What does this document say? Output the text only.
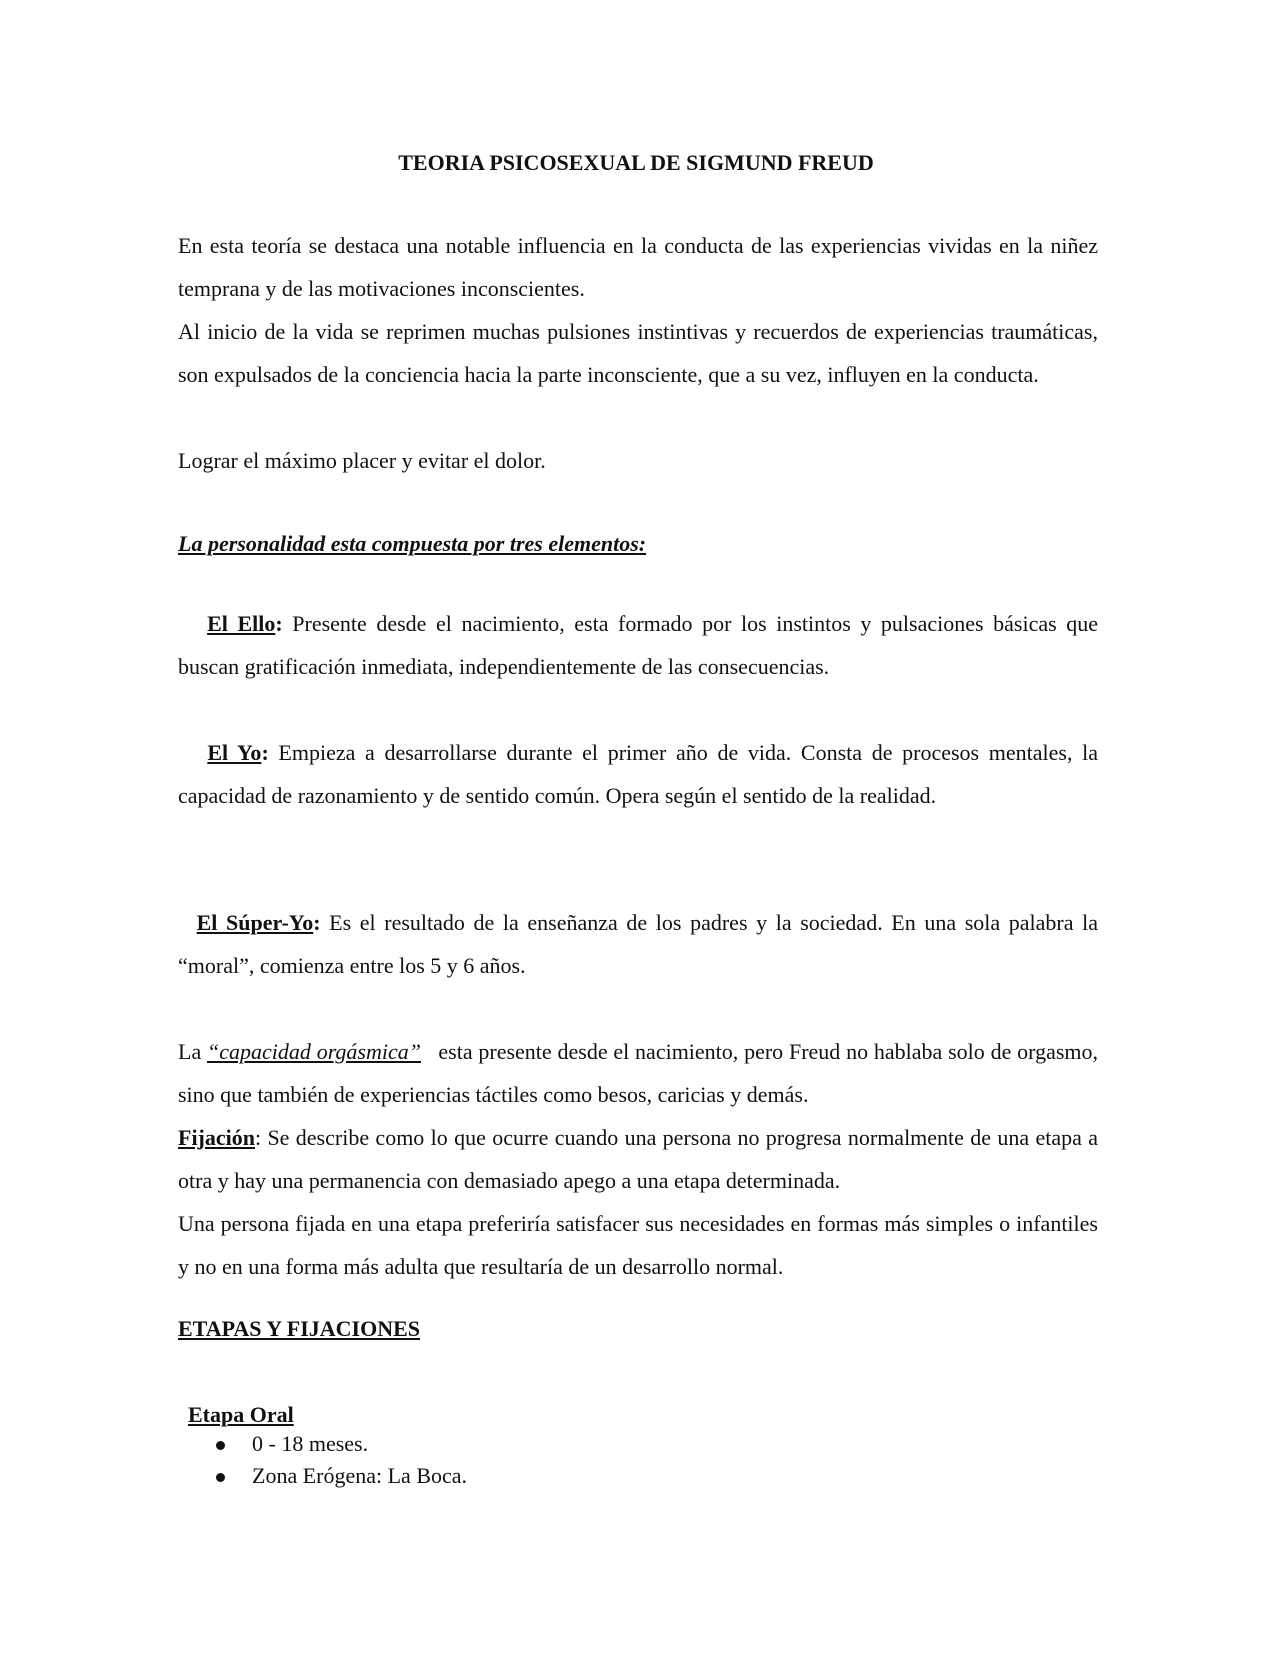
TEORIA PSICOSEXUAL DE SIGMUND FREUD
En esta teoría se destaca una notable influencia en la conducta de las experiencias vividas en la niñez temprana y de las motivaciones inconscientes.
Al inicio de la vida se reprimen muchas pulsiones instintivas y recuerdos de experiencias traumáticas, son expulsados de la conciencia hacia la parte inconsciente, que a su vez, influyen en la conducta.
Lograr el máximo placer y evitar el dolor.
La personalidad esta compuesta por tres elementos:
El Ello: Presente desde el nacimiento, esta formado por los instintos y pulsaciones básicas que buscan gratificación inmediata, independientemente de las consecuencias.
El Yo: Empieza a desarrollarse durante el primer año de vida. Consta de procesos mentales, la capacidad de razonamiento y de sentido común. Opera según el sentido de la realidad.
El Súper-Yo: Es el resultado de la enseñanza de los padres y la sociedad. En una sola palabra la “moral”, comienza entre los 5 y 6 años.
La “capacidad orgásmica”   esta presente desde el nacimiento, pero Freud no hablaba solo de orgasmo, sino que también de experiencias táctiles como besos, caricias y demás.
Fijación: Se describe como lo que ocurre cuando una persona no progresa normalmente de una etapa a otra y hay una permanencia con demasiado apego a una etapa determinada.
Una persona fijada en una etapa preferiría satisfacer sus necesidades en formas más simples o infantiles y no en una forma más adulta que resultaría de un desarrollo normal.
ETAPAS Y FIJACIONES
Etapa Oral
0 - 18 meses.
Zona Erógena: La Boca.
